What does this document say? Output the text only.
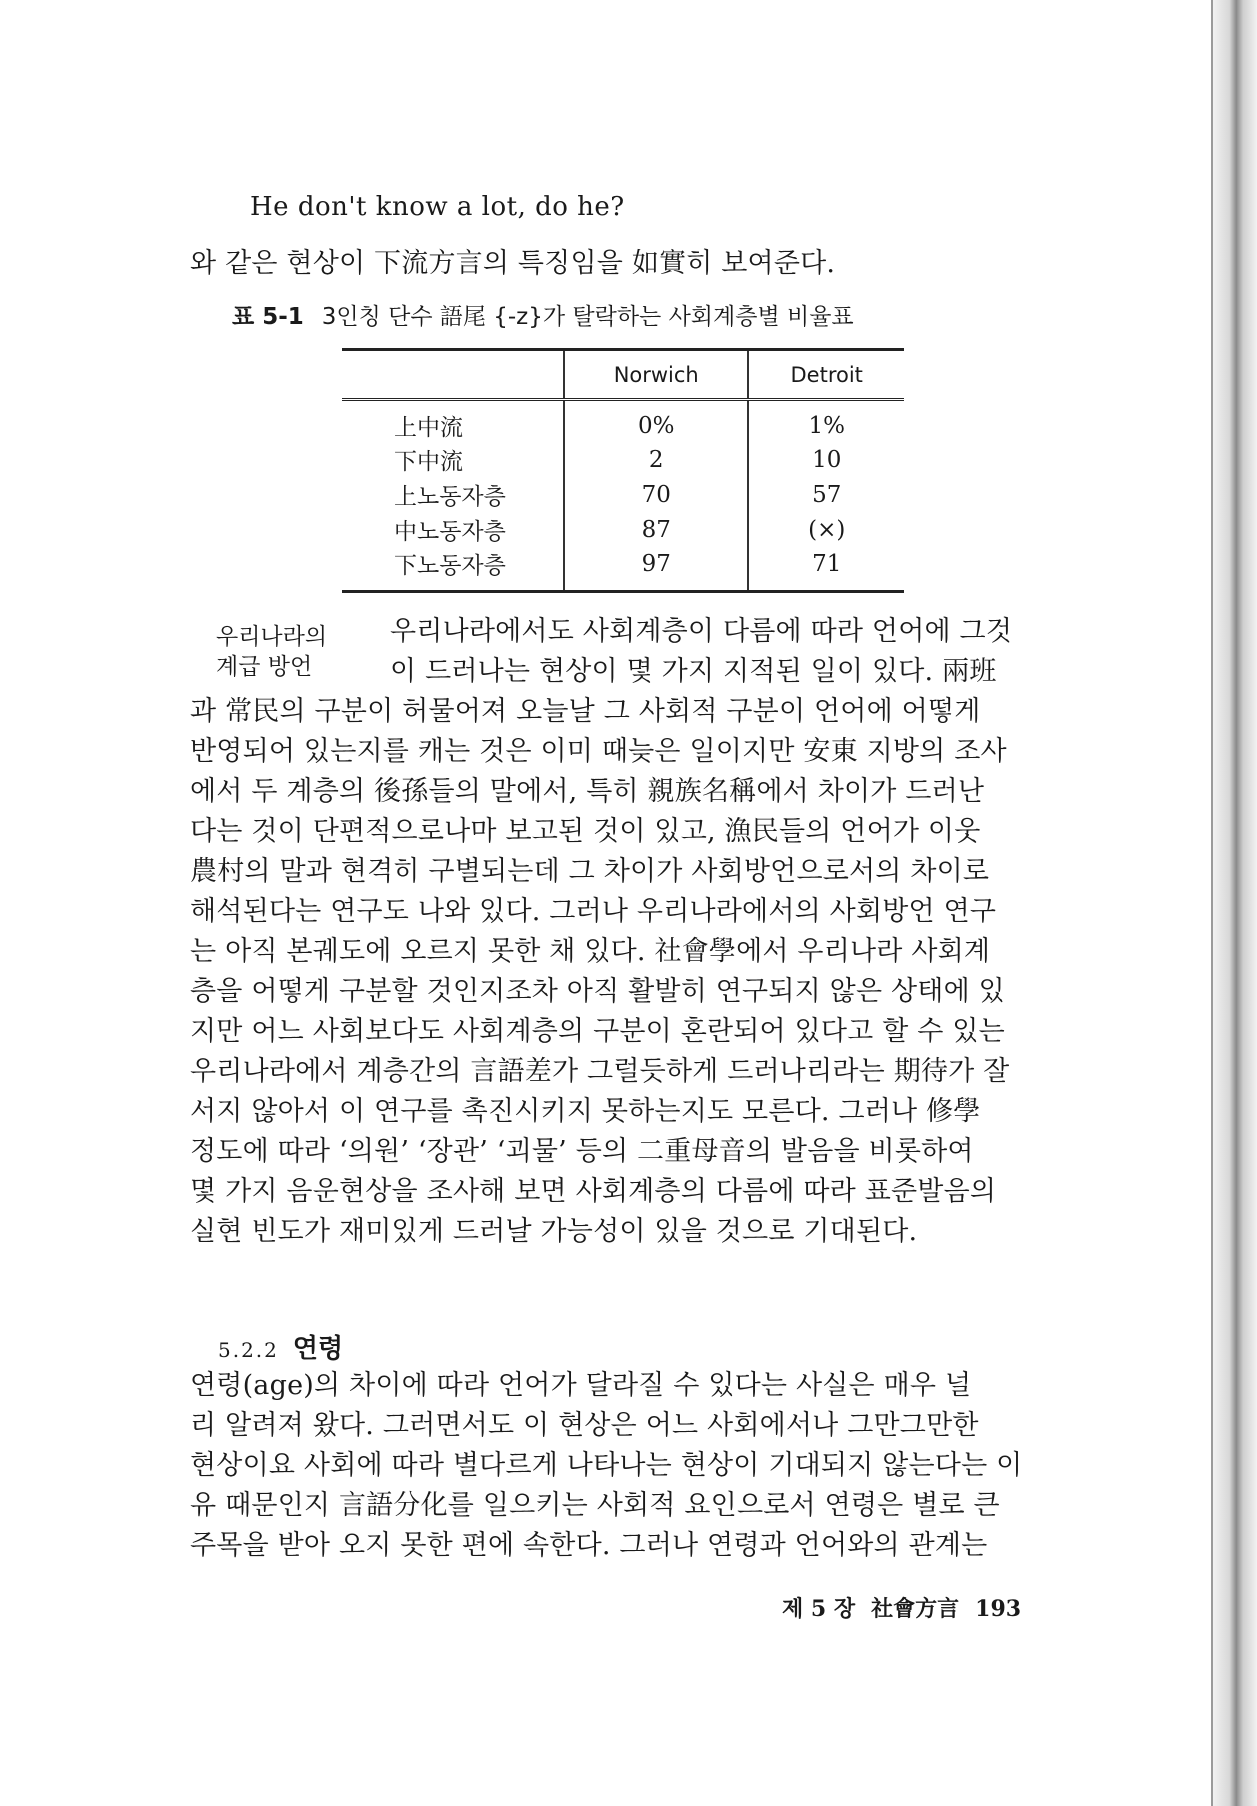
He don't know a lot, do he?
와 같은 현상이 下流方言의 특징임을 如實히 보여준다.
표 5-1 3인칭 단수 語尾 {-z}가 탈락하는 사회계층별 비율표
	Norwich	Detroit
上中流	0%	1%
下中流	2	10
上노동자층	70	57
中노동자층	87	(×)
下노동자층	97	71
우리나라의
계급 방언
우리나라에서도 사회계층이 다름에 따라 언어에 그것
이 드러나는 현상이 몇 가지 지적된 일이 있다. 兩班
과 常民의 구분이 허물어져 오늘날 그 사회적 구분이 언어에 어떻게
반영되어 있는지를 캐는 것은 이미 때늦은 일이지만 安東 지방의 조사
에서 두 계층의 後孫들의 말에서, 특히 親族名稱에서 차이가 드러난
다는 것이 단편적으로나마 보고된 것이 있고, 漁民들의 언어가 이웃
農村의 말과 현격히 구별되는데 그 차이가 사회방언으로서의 차이로
해석된다는 연구도 나와 있다. 그러나 우리나라에서의 사회방언 연구
는 아직 본궤도에 오르지 못한 채 있다. 社會學에서 우리나라 사회계
층을 어떻게 구분할 것인지조차 아직 활발히 연구되지 않은 상태에 있
지만 어느 사회보다도 사회계층의 구분이 혼란되어 있다고 할 수 있는
우리나라에서 계층간의 言語差가 그럴듯하게 드러나리라는 期待가 잘
서지 않아서 이 연구를 촉진시키지 못하는지도 모른다. 그러나 修學
정도에 따라 ‘의원’ ‘장관’ ‘괴물’ 등의 二重母音의 발음을 비롯하여
몇 가지 음운현상을 조사해 보면 사회계층의 다름에 따라 표준발음의
실현 빈도가 재미있게 드러날 가능성이 있을 것으로 기대된다.
5.2.2 연령
연령(age)의 차이에 따라 언어가 달라질 수 있다는 사실은 매우 널
리 알려져 왔다. 그러면서도 이 현상은 어느 사회에서나 그만그만한
현상이요 사회에 따라 별다르게 나타나는 현상이 기대되지 않는다는 이
유 때문인지 言語分化를 일으키는 사회적 요인으로서 연령은 별로 큰
주목을 받아 오지 못한 편에 속한다. 그러나 연령과 언어와의 관계는
제 5 장 社會方言 193
